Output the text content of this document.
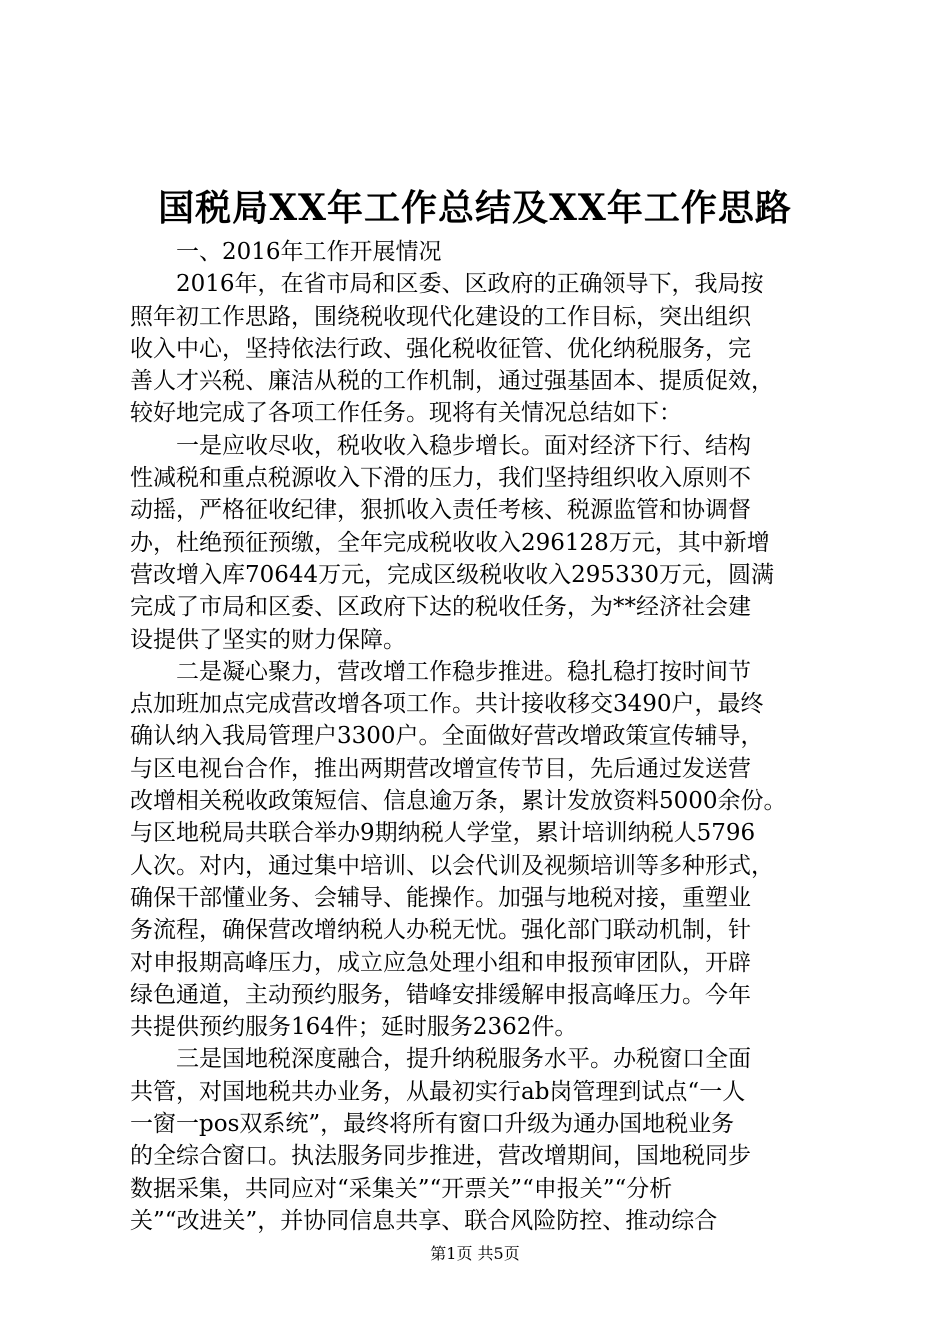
国税局XX年工作总结及XX年工作思路
一、2016年工作开展情况
2016年，在省市局和区委、区政府的正确领导下，我局按
照年初工作思路，围绕税收现代化建设的工作目标，突出组织
收入中心，坚持依法行政、强化税收征管、优化纳税服务，完
善人才兴税、廉洁从税的工作机制，通过强基固本、提质促效，
较好地完成了各项工作任务。现将有关情况总结如下：
一是应收尽收，税收收入稳步增长。面对经济下行、结构
性减税和重点税源收入下滑的压力，我们坚持组织收入原则不
动摇，严格征收纪律，狠抓收入责任考核、税源监管和协调督
办，杜绝预征预缴，全年完成税收收入296128万元，其中新增
营改增入库70644万元，完成区级税收收入295330万元，圆满
完成了市局和区委、区政府下达的税收任务，为**经济社会建
设提供了坚实的财力保障。
二是凝心聚力，营改增工作稳步推进。稳扎稳打按时间节
点加班加点完成营改增各项工作。共计接收移交3490户，最终
确认纳入我局管理户3300户。全面做好营改增政策宣传辅导，
与区电视台合作，推出两期营改增宣传节目，先后通过发送营
改增相关税收政策短信、信息逾万条，累计发放资料5000余份。
与区地税局共联合举办9期纳税人学堂，累计培训纳税人5796
人次。对内，通过集中培训、以会代训及视频培训等多种形式，
确保干部懂业务、会辅导、能操作。加强与地税对接，重塑业
务流程，确保营改增纳税人办税无忧。强化部门联动机制，针
对申报期高峰压力，成立应急处理小组和申报预审团队，开辟
绿色通道，主动预约服务，错峰安排缓解申报高峰压力。今年
共提供预约服务164件；延时服务2362件。
三是国地税深度融合，提升纳税服务水平。办税窗口全面
共管，对国地税共办业务，从最初实行ab岗管理到试点“一人
一窗一pos双系统”，最终将所有窗口升级为通办国地税业务
的全综合窗口。执法服务同步推进，营改增期间，国地税同步
数据采集，共同应对“采集关”“开票关”“申报关”“分析
关”“改进关”，并协同信息共享、联合风险防控、推动综合
第1页 共5页
